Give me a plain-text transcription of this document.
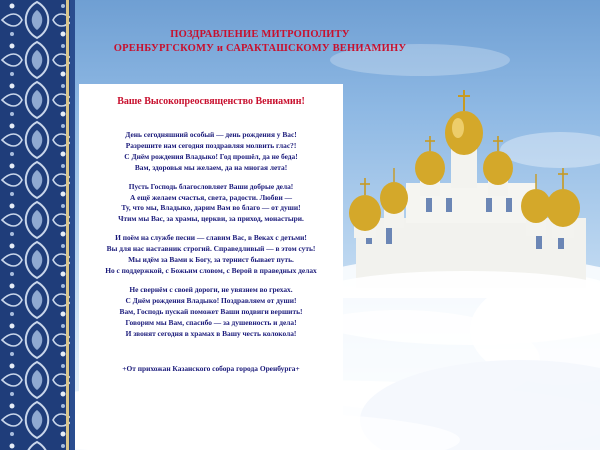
ПОЗДРАВЛЕНИЕ МИТРОПОЛИТУ
ОРЕНБУРГСКОМУ и САРАКТАШСКОМУ ВЕНИАМИНУ
Ваше Высокопреосвященство Вениамин!
День сегодняшний особый — день рождения у Вас!
Разрешите нам сегодня поздравляя молвить глас?!
С Днём рождения Владыко! Год прошёл, да не беда!
Вам, здоровья мы желаем, да на многая лета!
Пусть Господь благословляет Ваши добрые дела!
А ещё желаем счастья, света, радости. Любви —
Ту, что мы, Владыко, дарим Вам во благо — от души!
Чтим мы Вас, за храмы, церкви, за приход, монастыри.
И поём на службе песни — славим Вас, в Веках с детьми!
Вы для нас наставник строгий. Справедливый — в этом суть!
Мы идём за Вами к Богу, за тернист бывает путь.
Но с поддержкой, с Божьим словом, с Верой в праведных делах
Не свернём с своей дороги, не увязнем во грехах.
С Днём рождения Владыко! Поздравляем от души!
Вам, Господь пускай поможет Ваши подвиги вершить!
Говорим мы Вам, спасибо — за душевность и дела!
И звонят сегодня в храмах в Вашу честь колокола!
+От прихожан Казанского собора города Оренбурга+
